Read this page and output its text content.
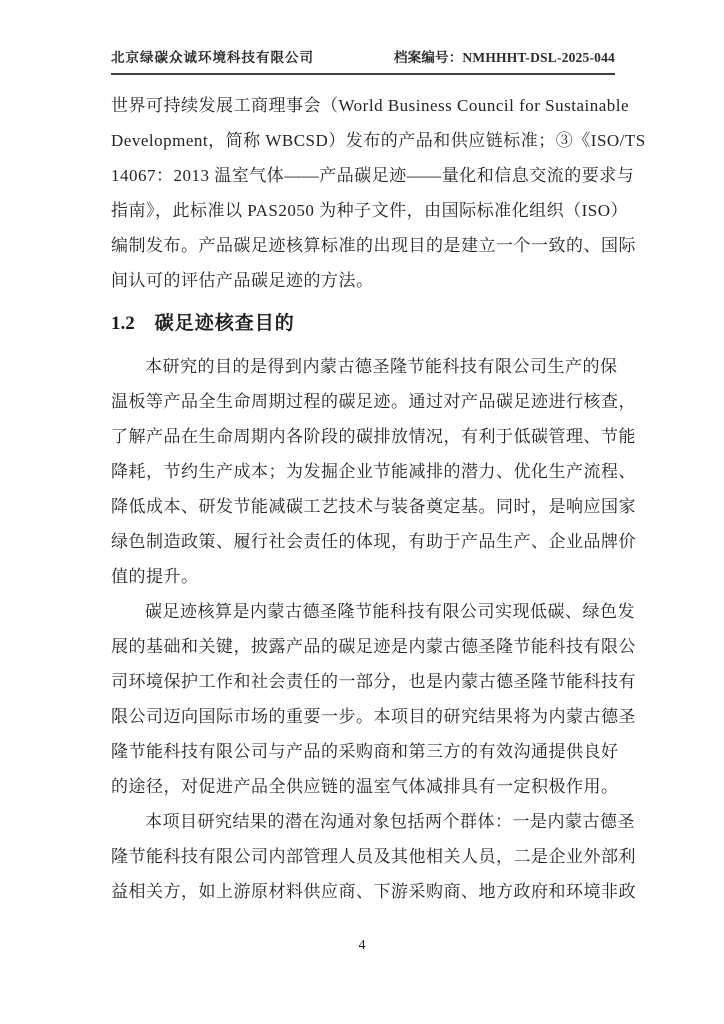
北京绿碳众诚环境科技有限公司	档案编号：NMHHHT-DSL-2025-044
世界可持续发展工商理事会（World Business Council for Sustainable
Development，简称 WBCSD）发布的产品和供应链标准；③《ISO/TS
14067：2013 温室气体——产品碳足迹——量化和信息交流的要求与
指南》，此标准以 PAS2050 为种子文件，由国际标准化组织（ISO）
编制发布。产品碳足迹核算标准的出现目的是建立一个一致的、国际
间认可的评估产品碳足迹的方法。
1.2 碳足迹核查目的
本研究的目的是得到内蒙古德圣隆节能科技有限公司生产的保
温板等产品全生命周期过程的碳足迹。通过对产品碳足迹进行核查，
了解产品在生命周期内各阶段的碳排放情况，有利于低碳管理、节能
降耗，节约生产成本；为发掘企业节能减排的潜力、优化生产流程、
降低成本、研发节能减碳工艺技术与装备奠定基。同时，是响应国家
绿色制造政策、履行社会责任的体现，有助于产品生产、企业品牌价
值的提升。
碳足迹核算是内蒙古德圣隆节能科技有限公司实现低碳、绿色发
展的基础和关键，披露产品的碳足迹是内蒙古德圣隆节能科技有限公
司环境保护工作和社会责任的一部分，也是内蒙古德圣隆节能科技有
限公司迈向国际市场的重要一步。本项目的研究结果将为内蒙古德圣
隆节能科技有限公司与产品的采购商和第三方的有效沟通提供良好
的途径，对促进产品全供应链的温室气体减排具有一定积极作用。
本项目研究结果的潜在沟通对象包括两个群体：一是内蒙古德圣
隆节能科技有限公司内部管理人员及其他相关人员，二是企业外部利
益相关方，如上游原材料供应商、下游采购商、地方政府和环境非政
4
